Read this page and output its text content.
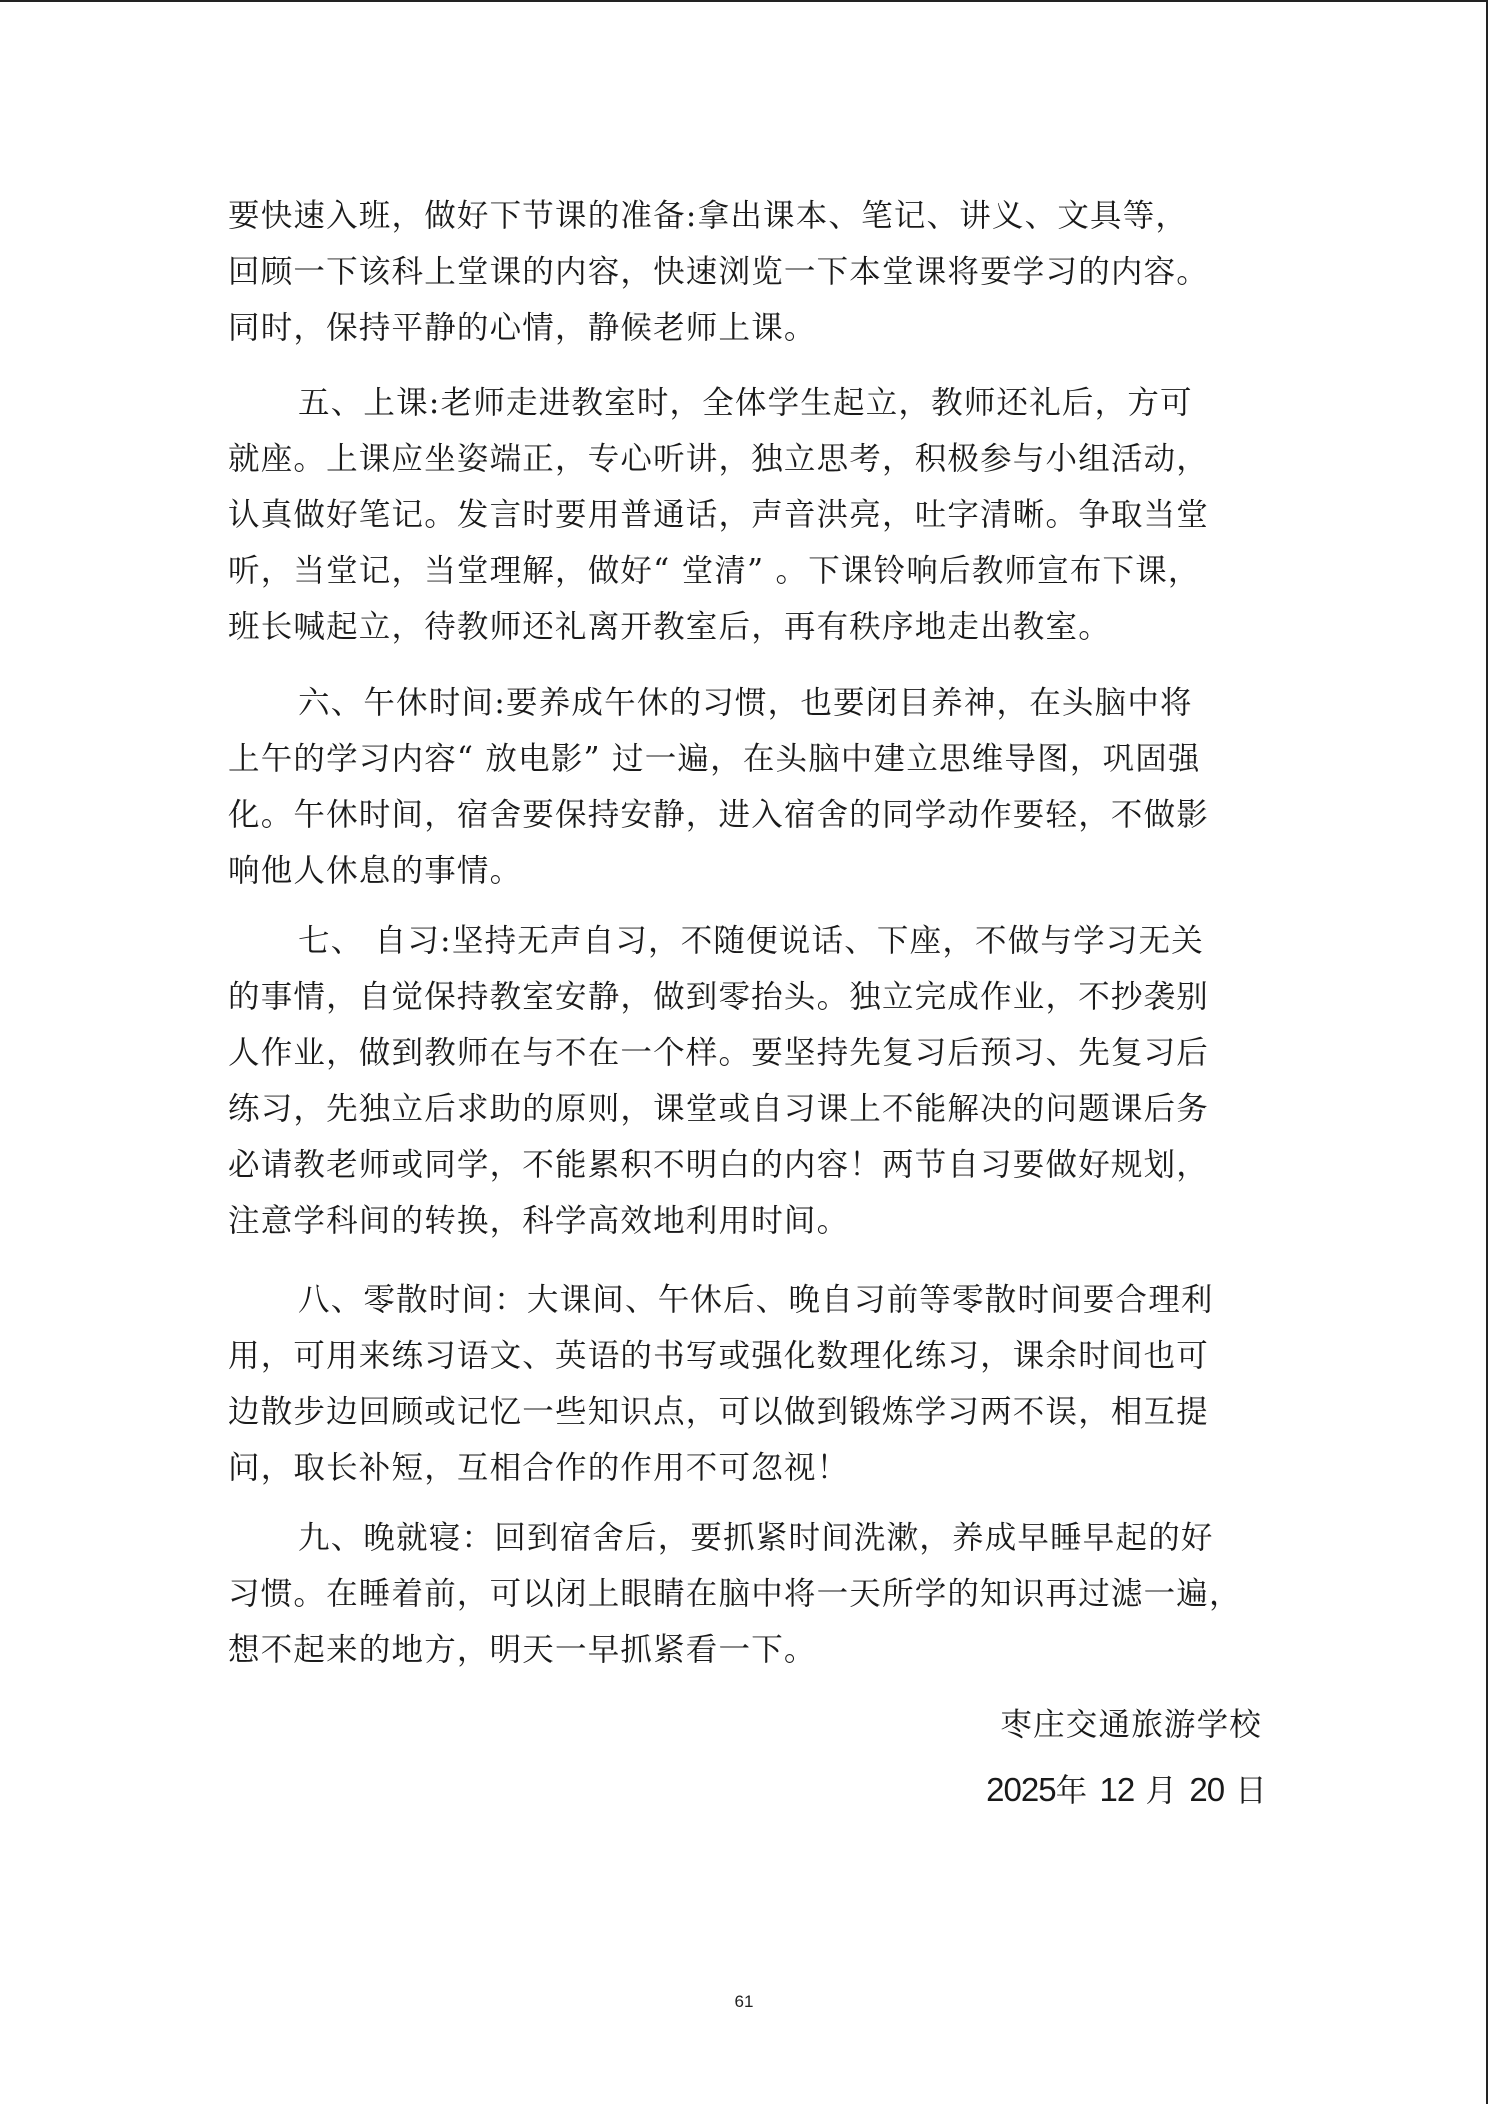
要快速入班，做好下节课的准备:拿出课本、笔记、讲义、文具等，
回顾一下该科上堂课的内容，快速浏览一下本堂课将要学习的内容。
同时，保持平静的心情，静候老师上课。
五、上课:老师走进教室时，全体学生起立，教师还礼后，方可
就座。上课应坐姿端正，专心听讲，独立思考，积极参与小组活动，
认真做好笔记。发言时要用普通话，声音洪亮，吐字清晰。争取当堂
听，当堂记，当堂理解，做好“ 堂清” 。下课铃响后教师宣布下课，
班长喊起立，待教师还礼离开教室后，再有秩序地走出教室。
六、午休时间:要养成午休的习惯，也要闭目养神，在头脑中将
上午的学习内容“ 放电影” 过一遍，在头脑中建立思维导图，巩固强
化。午休时间，宿舍要保持安静，进入宿舍的同学动作要轻，不做影
响他人休息的事情。
七、 自习:坚持无声自习，不随便说话、下座，不做与学习无关
的事情，自觉保持教室安静，做到零抬头。独立完成作业，不抄袭别
人作业，做到教师在与不在一个样。要坚持先复习后预习、先复习后
练习，先独立后求助的原则，课堂或自习课上不能解决的问题课后务
必请教老师或同学，不能累积不明白的内容！两节自习要做好规划，
注意学科间的转换，科学高效地利用时间。
八、零散时间：大课间、午休后、晚自习前等零散时间要合理利
用，可用来练习语文、英语的书写或强化数理化练习，课余时间也可
边散步边回顾或记忆一些知识点，可以做到锻炼学习两不误，相互提
问，取长补短，互相合作的作用不可忽视！
九、晚就寝：回到宿舍后，要抓紧时间洗漱，养成早睡早起的好
习惯。在睡着前，可以闭上眼睛在脑中将一天所学的知识再过滤一遍，
想不起来的地方，明天一早抓紧看一下。
枣庄交通旅游学校
2025年 12 月 20 日
61
